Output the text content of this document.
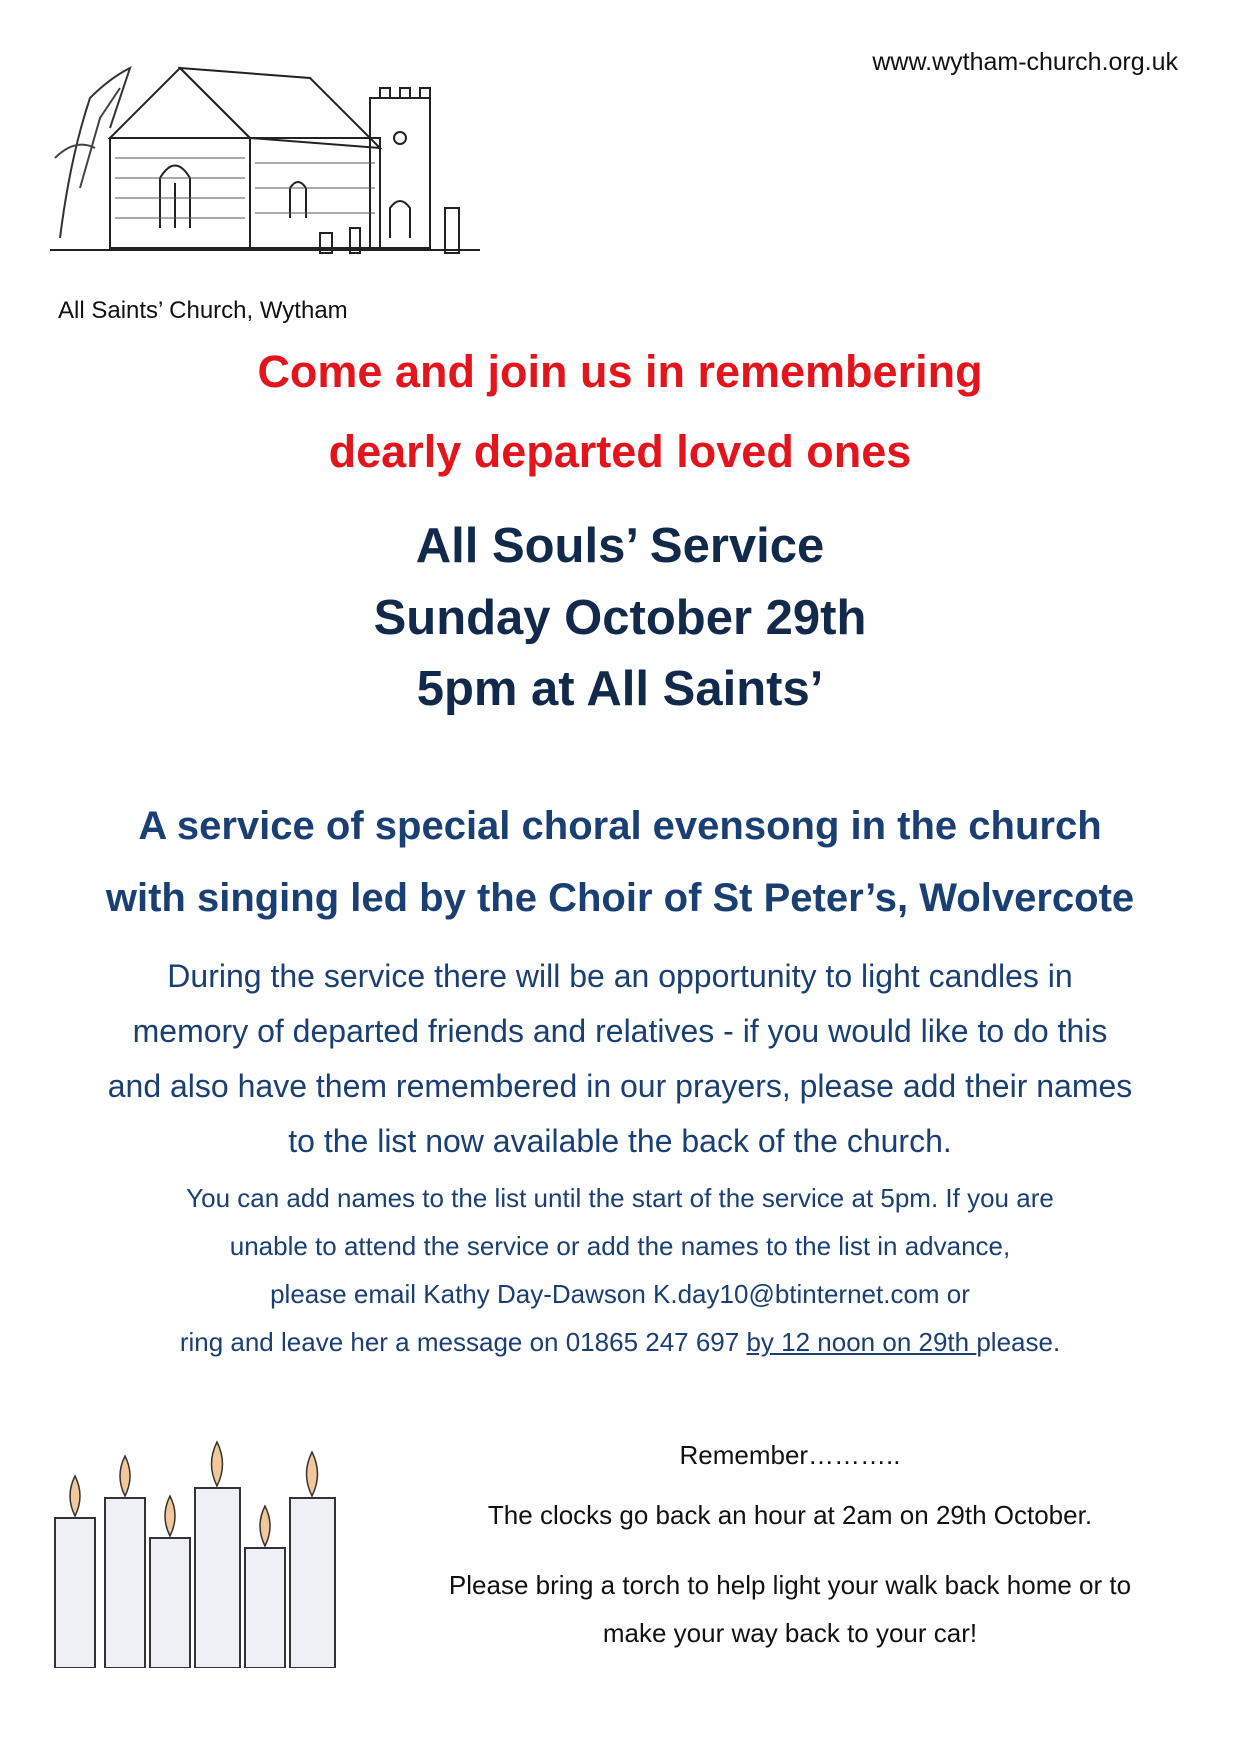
www.wytham-church.org.uk
All Saints’ Church, Wytham
Come and join us in remembering
dearly departed loved ones
All Souls’ Service
Sunday October 29th
5pm at All Saints’
A service of special choral evensong in the church
with singing led by the Choir of St Peter’s, Wolvercote
During the service there will be an opportunity to light candles in
memory of departed friends and relatives - if you would like to do this
and also have them remembered in our prayers, please add their names
to the list now available the back of the church.
You can add names to the list until the start of the service at 5pm. If you are
unable to attend the service or add the names to the list in advance,
please email Kathy Day-Dawson K.day10@btinternet.com or
ring and leave her a message on 01865 247 697 by 12 noon on 29th please.
Remember………..
The clocks go back an hour at 2am on 29th October.
Please bring a torch to help light your walk back home or to
make your way back to your car!
